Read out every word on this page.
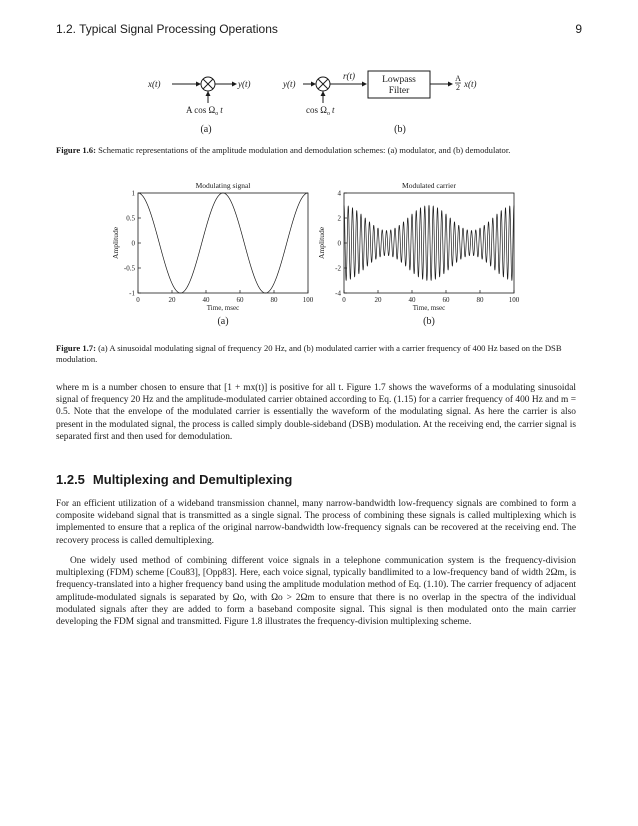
1.2. Typical Signal Processing Operations	9
x(t)	y(t)
A $\cos \Omega_o$ t
(a)
y(t)
r(t)	Lowpass
Filter
A
2 x(t)
$\cos \Omega_o$ t
(b)
Figure 1.6: Schematic representations of the amplitude modulation and demodulation schemes: (a) modulator, and (b) demodulator.
Modulating signal
0	20	40	60	80	100
Time, msec
-1
-0.5
0
0.5
1
Amplitude
(a)
Modulated carrier
0	20	40	60	80	100
Time, msec
-4
-2
0
2
4
Amplitude
(b)
Figure 1.7: (a) A sinusoidal modulating signal of frequency 20 Hz, and (b) modulated carrier with a carrier frequency of 400 Hz based on the DSB modulation.

where m is a number chosen to ensure that [1 + mx(t)] is positive for all t. Figure 1.7 shows the waveforms of a modulating sinusoidal signal of frequency 20 Hz and the amplitude-modulated carrier obtained according to Eq. (1.15) for a carrier frequency of 400 Hz and m = 0.5. Note that the envelope of the modulated carrier is essentially the waveform of the modulating signal. As here the carrier is also present in the modulated signal, the process is called simply double-sideband (DSB) modulation. At the receiving end, the carrier signal is separated first and then used for demodulation.

1.2.5 Multiplexing and Demultiplexing

For an efficient utilization of a wideband transmission channel, many narrow-bandwidth low-frequency signals are combined to form a composite wideband signal that is transmitted as a single signal. The process of combining these signals is called multiplexing which is implemented to ensure that a replica of the original narrow-bandwidth low-frequency signals can be recovered at the receiving end. The recovery process is called demultiplexing.

One widely used method of combining different voice signals in a telephone communication system is the frequency-division multiplexing (FDM) scheme [Cou83], [Opp83]. Here, each voice signal, typically bandlimited to a low-frequency band of width 2Ωm, is frequency-translated into a higher frequency band using the amplitude modulation method of Eq. (1.10). The carrier frequency of adjacent amplitude-modulated signals is separated by Ωo, with Ωo > 2Ωm to ensure that there is no overlap in the spectra of the individual modulated signals after they are added to form a baseband composite signal. This signal is then modulated onto the main carrier developing the FDM signal and transmitted. Figure 1.8 illustrates the frequency-division multiplexing scheme.
